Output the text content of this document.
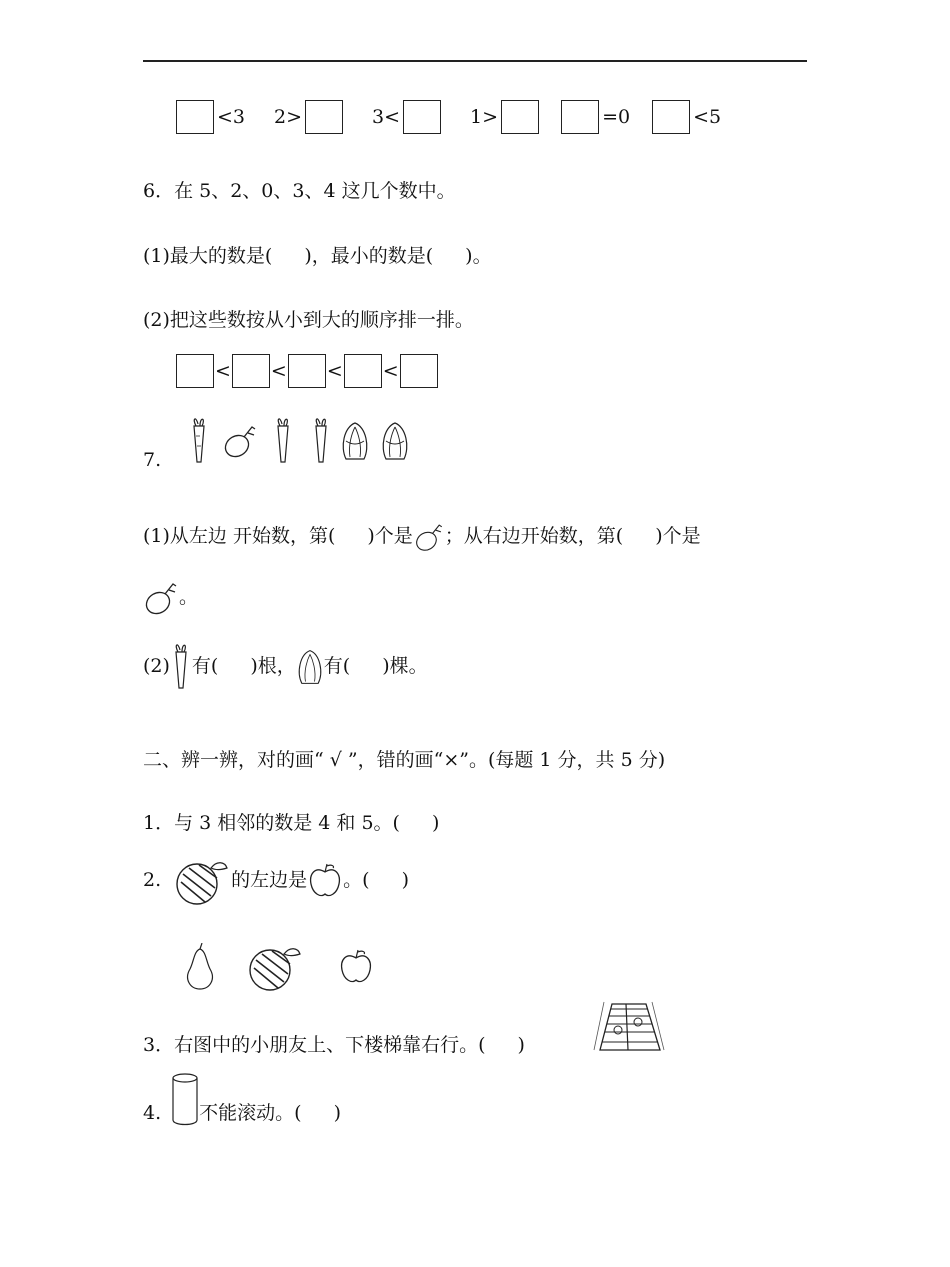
<3 2>	3<	1>	=0	<5
6．在 5、2、0、3、4 这几个数中。
(1)最大的数是( )，最小的数是( )。
(2)把这些数按从小到大的顺序排一排。
< < < <
7.
(1)从左边 开始数，第( )个是 ；从右边开始数，第( )个是
。
(2) 有( )根， 有( )棵。
二、辨一辨，对的画“ √ ”，错的画“×”。(每题 1 分，共 5 分)
1．与 3 相邻的数是 4 和 5。( )
2.	的左边是 。( )
3．右图中的小朋友上、下楼梯靠右行。( )
4. 不能滚动。( )
